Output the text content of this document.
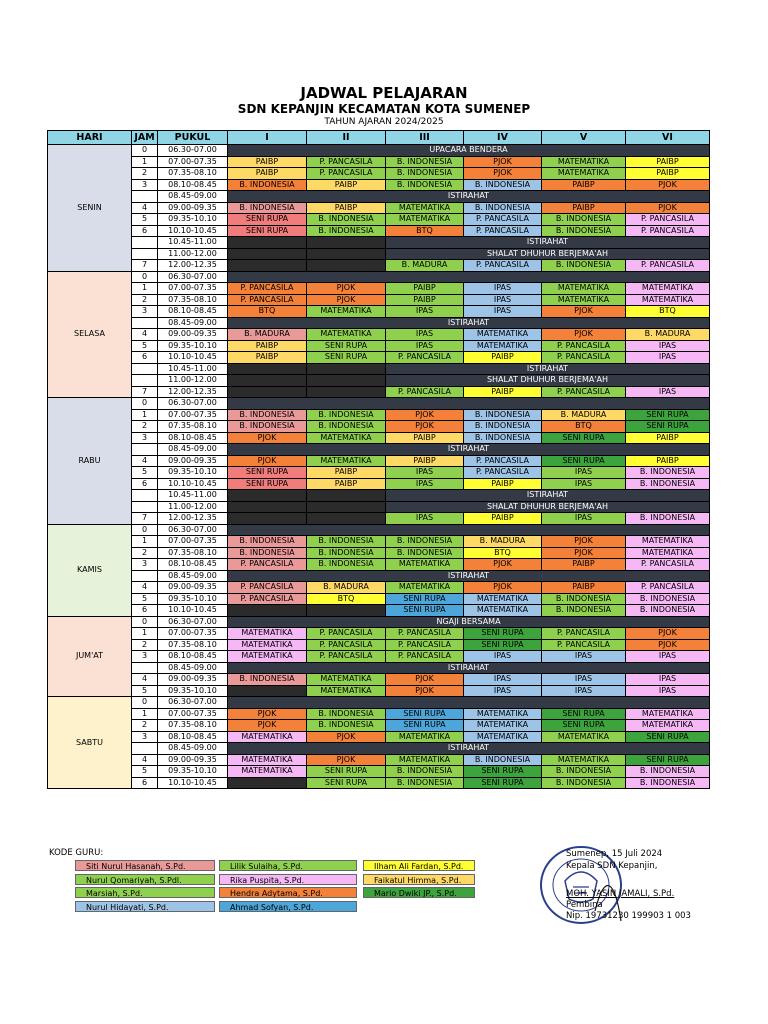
JADWAL PELAJARAN
SDN KEPANJIN KECAMATAN KOTA SUMENEP
TAHUN AJARAN 2024/2025
HARI	JAM	PUKUL	I	II	III	IV	V	VI
SENIN	0	06.30-07.00	UPACARA BENDERA					
	1	07.00-07.35	PAIBP	P. PANCASILA	B. INDONESIA	PJOK	MATEMATIKA	PAIBP
	2	07.35-08.10	PAIBP	P. PANCASILA	B. INDONESIA	PJOK	MATEMATIKA	PAIBP
	3	08.10-08.45	B. INDONESIA	PAIBP	B. INDONESIA	B. INDONESIA	PAIBP	PJOK
		08.45-09.00	ISTIRAHAT					
	4	09.00-09.35	B. INDONESIA	PAIBP	MATEMATIKA	B. INDONESIA	PAIBP	PJOK
	5	09.35-10.10	SENI RUPA	B. INDONESIA	MATEMATIKA	P. PANCASILA	B. INDONESIA	P. PANCASILA
	6	10.10-10.45	SENI RUPA	B. INDONESIA	BTQ	P. PANCASILA	B. INDONESIA	P. PANCASILA
		10.45-11.00			ISTIRAHAT			
		11.00-12.00			SHALAT DHUHUR BERJEMA'AH			
	7	12.00-12.35			B. MADURA	P. PANCASILA	B. INDONESIA	P. PANCASILA
SELASA	0	06.30-07.00						
	1	07.00-07.35	P. PANCASILA	PJOK	PAIBP	IPAS	MATEMATIKA	MATEMATIKA
	2	07.35-08.10	P. PANCASILA	PJOK	PAIBP	IPAS	MATEMATIKA	MATEMATIKA
	3	08.10-08.45	BTQ	MATEMATIKA	IPAS	IPAS	PJOK	BTQ
		08.45-09.00	ISTIRAHAT					
	4	09.00-09.35	B. MADURA	MATEMATIKA	IPAS	MATEMATIKA	PJOK	B. MADURA
	5	09.35-10.10	PAIBP	SENI RUPA	IPAS	MATEMATIKA	P. PANCASILA	IPAS
	6	10.10-10.45	PAIBP	SENI RUPA	P. PANCASILA	PAIBP	P. PANCASILA	IPAS
		10.45-11.00			ISTIRAHAT			
		11.00-12.00			SHALAT DHUHUR BERJEMA'AH			
	7	12.00-12.35			P. PANCASILA	PAIBP	P. PANCASILA	IPAS
RABU	0	06.30-07.00						
	1	07.00-07.35	B. INDONESIA	B. INDONESIA	PJOK	B. INDONESIA	B. MADURA	SENI RUPA
	2	07.35-08.10	B. INDONESIA	B. INDONESIA	PJOK	B. INDONESIA	BTQ	SENI RUPA
	3	08.10-08.45	PJOK	MATEMATIKA	PAIBP	B. INDONESIA	SENI RUPA	PAIBP
		08.45-09.00	ISTIRAHAT					
	4	09.00-09.35	PJOK	MATEMATIKA	PAIBP	P. PANCASILA	SENI RUPA	PAIBP
	5	09.35-10.10	SENI RUPA	PAIBP	IPAS	P. PANCASILA	IPAS	B. INDONESIA
	6	10.10-10.45	SENI RUPA	PAIBP	IPAS	PAIBP	IPAS	B. INDONESIA
		10.45-11.00			ISTIRAHAT			
		11.00-12.00			SHALAT DHUHUR BERJEMA'AH			
	7	12.00-12.35			IPAS	PAIBP	IPAS	B. INDONESIA
KAMIS	0	06.30-07.00						
	1	07.00-07.35	B. INDONESIA	B. INDONESIA	B. INDONESIA	B. MADURA	PJOK	MATEMATIKA
	2	07.35-08.10	B. INDONESIA	B. INDONESIA	B. INDONESIA	BTQ	PJOK	MATEMATIKA
	3	08.10-08.45	P. PANCASILA	B. INDONESIA	MATEMATIKA	PJOK	PAIBP	P. PANCASILA
		08.45-09.00	ISTIRAHAT					
	4	09.00-09.35	P. PANCASILA	B. MADURA	MATEMATIKA	PJOK	PAIBP	P. PANCASILA
	5	09.35-10.10	P. PANCASILA	BTQ	SENI RUPA	MATEMATIKA	B. INDONESIA	B. INDONESIA
	6	10.10-10.45			SENI RUPA	MATEMATIKA	B. INDONESIA	B. INDONESIA
JUM'AT	0	06.30-07.00	NGAJI BERSAMA					
	1	07.00-07.35	MATEMATIKA	P. PANCASILA	P. PANCASILA	SENI RUPA	P. PANCASILA	PJOK
	2	07.35-08.10	MATEMATIKA	P. PANCASILA	P. PANCASILA	SENI RUPA	P. PANCASILA	PJOK
	3	08.10-08.45	MATEMATIKA	P. PANCASILA	P. PANCASILA	IPAS	IPAS	IPAS
		08.45-09.00	ISTIRAHAT					
	4	09.00-09.35	B. INDONESIA	MATEMATIKA	PJOK	IPAS	IPAS	IPAS
	5	09.35-10.10		MATEMATIKA	PJOK	IPAS	IPAS	IPAS
SABTU	0	06.30-07.00						
	1	07.00-07.35	PJOK	B. INDONESIA	SENI RUPA	MATEMATIKA	SENI RUPA	MATEMATIKA
	2	07.35-08.10	PJOK	B. INDONESIA	SENI RUPA	MATEMATIKA	SENI RUPA	MATEMATIKA
	3	08.10-08.45	MATEMATIKA	PJOK	MATEMATIKA	MATEMATIKA	MATEMATIKA	SENI RUPA
		08.45-09.00	ISTIRAHAT					
	4	09.00-09.35	MATEMATIKA	PJOK	MATEMATIKA	B. INDONESIA	MATEMATIKA	SENI RUPA
	5	09.35-10.10	MATEMATIKA	SENI RUPA	B. INDONESIA	SENI RUPA	B. INDONESIA	B. INDONESIA
	6	10.10-10.45		SENI RUPA	B. INDONESIA	SENI RUPA	B. INDONESIA	B. INDONESIA
KODE GURU:
Siti Nurul Hasanah, S.Pd.
Nurul Qomariyah, S.Pdl.
Marsiah, S.Pd.
Nurul Hidayati, S.Pd.
Lilik Sulaiha, S.Pd.
Rika Puspita, S.Pd.
Hendra Adytama, S.Pd.
Ahmad Sofyan, S.Pd.
Ilham Ali Fardan, S.Pd.
Faikatul Himma, S.Pd.
Mario Dwiki JP., S.Pd.
Sumenep, 15 Juli 2024
Kepala SDN Kepanjin,
MOH. YASIN JAMALI, S.Pd.
Pembina
Nip. 19731230 199903 1 003
